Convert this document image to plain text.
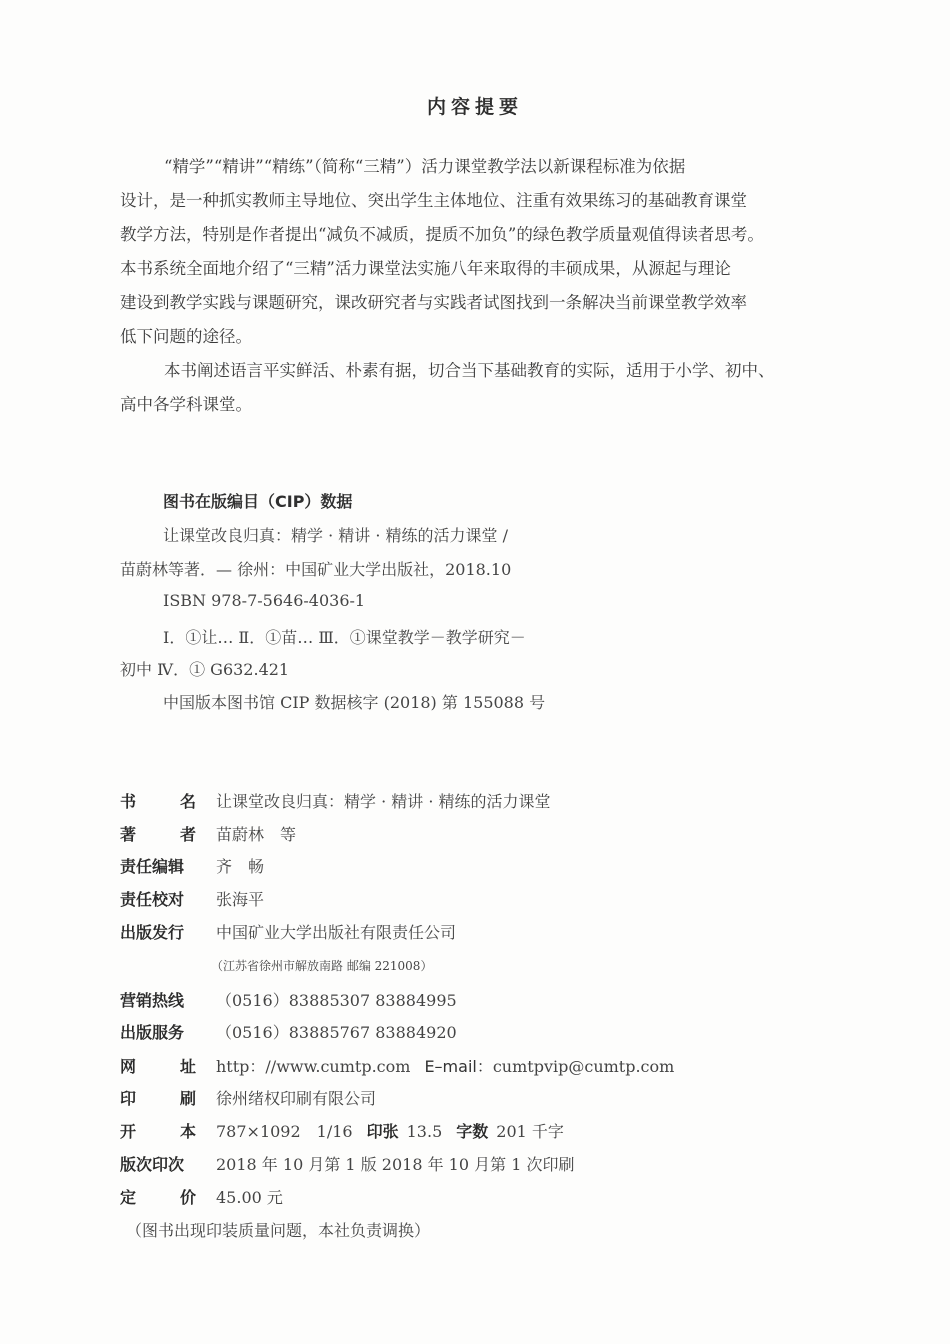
内容提要
“精学”“精讲”“精练”（简称“三精”）活力课堂教学法以新课程标准为依据
设计，是一种抓实教师主导地位、突出学生主体地位、注重有效果练习的基础教育课堂
教学方法，特别是作者提出“减负不减质，提质不加负”的绿色教学质量观值得读者思考。
本书系统全面地介绍了“三精”活力课堂法实施八年来取得的丰硕成果，从源起与理论
建设到教学实践与课题研究，课改研究者与实践者试图找到一条解决当前课堂教学效率
低下问题的途径。
本书阐述语言平实鲜活、朴素有据，切合当下基础教育的实际，适用于小学、初中、
高中各学科课堂。
图书在版编目（CIP）数据
让课堂改良归真：精学 · 精讲 · 精练的活力课堂 /
苗蔚林等著．— 徐州：中国矿业大学出版社，2018.10
ISBN 978-7-5646-4036-1
Ⅰ．①让… Ⅱ．①苗… Ⅲ．①课堂教学－教学研究－
初中 Ⅳ．① G632.421
中国版本图书馆 CIP 数据核字 (2018) 第 155088 号
书	名 让课堂改良归真：精学 · 精讲 · 精练的活力课堂
著	者 苗蔚林　等
责任编辑	齐　畅
责任校对	张海平
出版发行	中国矿业大学出版社有限责任公司
（江苏省徐州市解放南路 邮编 221008）
营销热线	（0516）83885307 83884995
出版服务	（0516）83885767 83884920
网	址 http：//www.cumtp.com E–mail：cumtpvip@cumtp.com
印	刷 徐州绪权印刷有限公司
开	本 787×1092　1/16 印张 13.5 字数 201 千字
版次印次	2018 年 10 月第 1 版 2018 年 10 月第 1 次印刷
定	价 45.00 元
（图书出现印装质量问题，本社负责调换）
